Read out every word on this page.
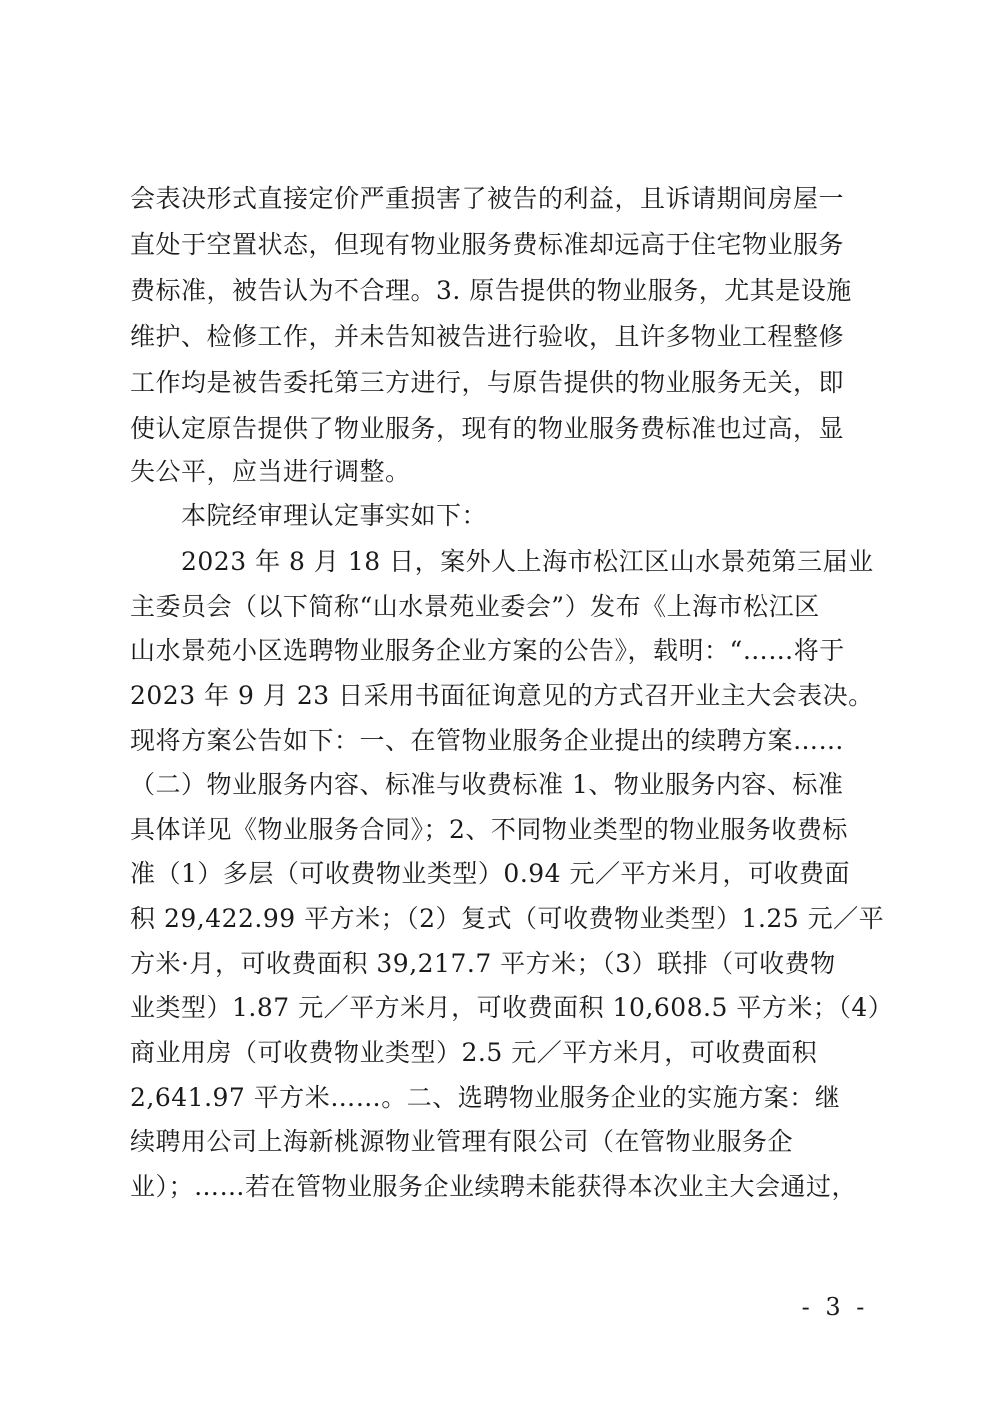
会表决形式直接定价严重损害了被告的利益，且诉请期间房屋一
直处于空置状态，但现有物业服务费标准却远高于住宅物业服务
费标准，被告认为不合理。3. 原告提供的物业服务，尤其是设施
维护、检修工作，并未告知被告进行验收，且许多物业工程整修
工作均是被告委托第三方进行，与原告提供的物业服务无关，即
使认定原告提供了物业服务，现有的物业服务费标准也过高，显
失公平，应当进行调整。
　　本院经审理认定事实如下：
　　2023 年 8 月 18 日，案外人上海市松江区山水景苑第三届业
主委员会（以下简称“山水景苑业委会”）发布《上海市松江区
山水景苑小区选聘物业服务企业方案的公告》，载明：“……将于
2023 年 9 月 23 日采用书面征询意见的方式召开业主大会表决。
现将方案公告如下：一、在管物业服务企业提出的续聘方案……
（二）物业服务内容、标准与收费标准 1、物业服务内容、标准
具体详见《物业服务合同》；2、不同物业类型的物业服务收费标
准（1）多层（可收费物业类型）0.94 元／平方米月，可收费面
积 29,422.99 平方米；（2）复式（可收费物业类型）1.25 元／平
方米·月，可收费面积 39,217.7 平方米；（3）联排（可收费物
业类型）1.87 元／平方米月，可收费面积 10,608.5 平方米；（4）
商业用房（可收费物业类型）2.5 元／平方米月，可收费面积
2,641.97 平方米……。二、选聘物业服务企业的实施方案：继
续聘用公司上海新桃源物业管理有限公司（在管物业服务企
业）；……若在管物业服务企业续聘未能获得本次业主大会通过，
- 3 -
